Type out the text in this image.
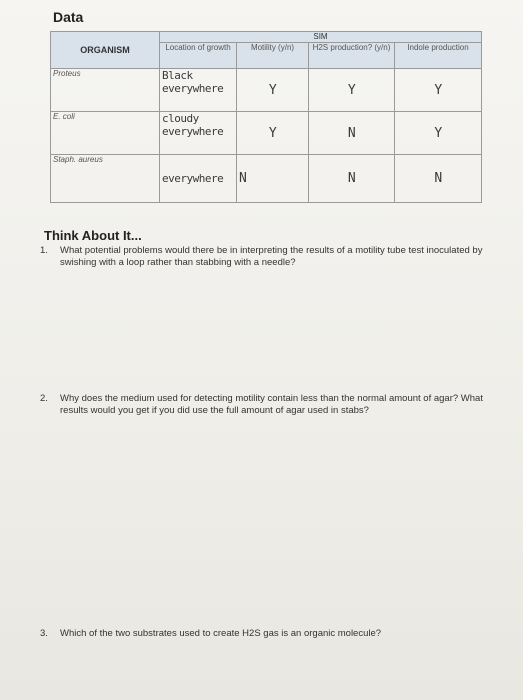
Data
ORGANISM	SIM			
	Location of growth	Motility (y/n)	H2S production? (y/n)	Indole production
Proteus	Black everywhere	Y	Y	Y
E. coli	cloudy everywhere	Y	N	Y
Staph. aureus	everywhere	N	N	N
Think About It...
1. What potential problems would there be in interpreting the results of a motility tube test inoculated by swishing with a loop rather than stabbing with a needle?
2. Why does the medium used for detecting motility contain less than the normal amount of agar? What results would you get if you did use the full amount of agar used in stabs?
3. Which of the two substrates used to create H2S gas is an organic molecule?
